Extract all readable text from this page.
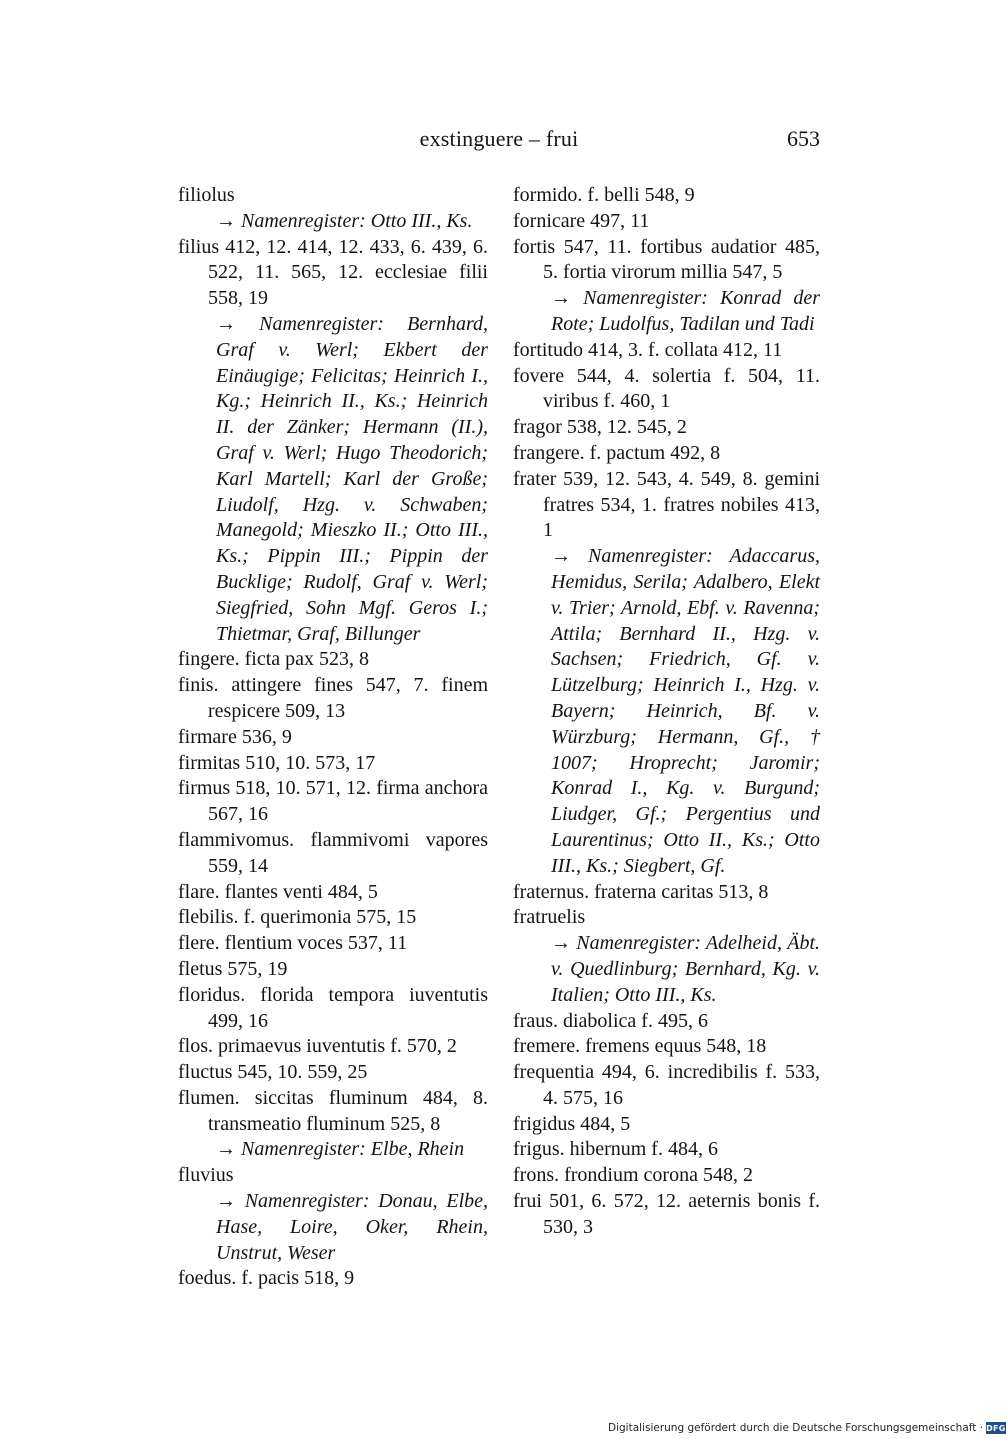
exstinguere – frui	653

filiolus

→ Namenregister: Otto III., Ks.

filius 412, 12. 414, 12. 433, 6. 439, 6. 522, 11. 565, 12. ecclesiae filii 558, 19

→ Namenregister: Bernhard, Graf v. Werl; Ekbert der Einäugige; Felicitas; Heinrich I., Kg.; Heinrich II., Ks.; Heinrich II. der Zänker; Hermann (II.), Graf v. Werl; Hugo Theodorich; Karl Martell; Karl der Große; Liudolf, Hzg. v. Schwaben; Manegold; Mieszko II.; Otto III., Ks.; Pippin III.; Pippin der Bucklige; Rudolf, Graf v. Werl; Siegfried, Sohn Mgf. Geros I.; Thietmar, Graf, Billunger

fingere. ficta pax 523, 8

finis. attingere fines 547, 7. finem respicere 509, 13

firmare 536, 9

firmitas 510, 10. 573, 17

firmus 518, 10. 571, 12. firma anchora 567, 16

flammivomus. flammivomi vapores 559, 14

flare. flantes venti 484, 5

flebilis. f. querimonia 575, 15

flere. flentium voces 537, 11

fletus 575, 19

floridus. florida tempora iuventutis 499, 16

flos. primaevus iuventutis f. 570, 2

fluctus 545, 10. 559, 25

flumen. siccitas fluminum 484, 8. transmeatio fluminum 525, 8

→ Namenregister: Elbe, Rhein

fluvius

→ Namenregister: Donau, Elbe, Hase, Loire, Oker, Rhein, Unstrut, Weser

foedus. f. pacis 518, 9

formido. f. belli 548, 9

fornicare 497, 11

fortis 547, 11. fortibus audatior 485, 5. fortia virorum millia 547, 5

→ Namenregister: Konrad der Rote; Ludolfus, Tadilan und Tadi

fortitudo 414, 3. f. collata 412, 11

fovere 544, 4. solertia f. 504, 11. viribus f. 460, 1

fragor 538, 12. 545, 2

frangere. f. pactum 492, 8

frater 539, 12. 543, 4. 549, 8. gemini fratres 534, 1. fratres nobiles 413, 1

→ Namenregister: Adaccarus, Hemidus, Serila; Adalbero, Elekt v. Trier; Arnold, Ebf. v. Ravenna; Attila; Bernhard II., Hzg. v. Sachsen; Friedrich, Gf. v. Lützelburg; Heinrich I., Hzg. v. Bayern; Heinrich, Bf. v. Würzburg; Hermann, Gf., † 1007; Hroprecht; Jaromir; Konrad I., Kg. v. Burgund; Liudger, Gf.; Pergentius und Laurentinus; Otto II., Ks.; Otto III., Ks.; Siegbert, Gf.

fraternus. fraterna caritas 513, 8

fratruelis

→ Namenregister: Adelheid, Äbt. v. Quedlinburg; Bernhard, Kg. v. Italien; Otto III., Ks.

fraus. diabolica f. 495, 6

fremere. fremens equus 548, 18

frequentia 494, 6. incredibilis f. 533, 4. 575, 16

frigidus 484, 5

frigus. hibernum f. 484, 6

frons. frondium corona 548, 2

frui 501, 6. 572, 12. aeternis bonis f. 530, 3

Digitalisierung gefördert durch die Deutsche Forschungsgemeinschaft · DFG
